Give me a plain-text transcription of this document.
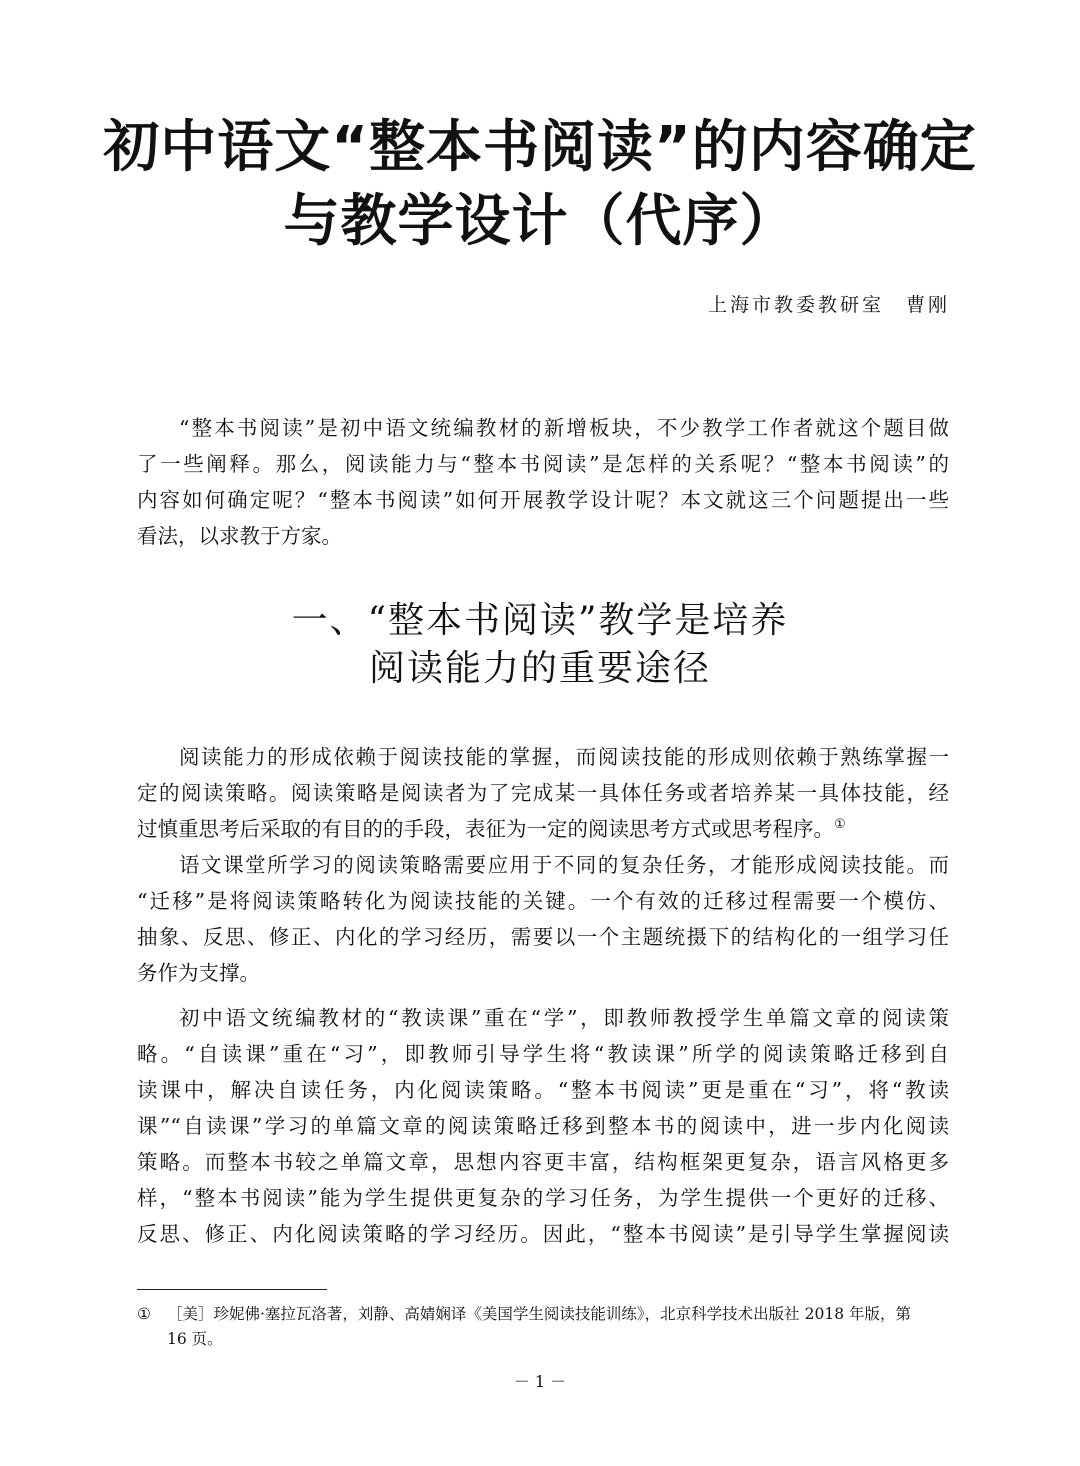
初中语文“整本书阅读”的内容确定
与教学设计（代序）
上海市教委教研室 曹刚
“整本书阅读”是初中语文统编教材的新增板块，不少教学工作者就这个题目做
了一些阐释。那么，阅读能力与“整本书阅读”是怎样的关系呢？“整本书阅读”的
内容如何确定呢？“整本书阅读”如何开展教学设计呢？本文就这三个问题提出一些
看法，以求教于方家。
一、“整本书阅读”教学是培养
阅读能力的重要途径
阅读能力的形成依赖于阅读技能的掌握，而阅读技能的形成则依赖于熟练掌握一
定的阅读策略。阅读策略是阅读者为了完成某一具体任务或者培养某一具体技能，经
过慎重思考后采取的有目的的手段，表征为一定的阅读思考方式或思考程序。①
语文课堂所学习的阅读策略需要应用于不同的复杂任务，才能形成阅读技能。而
“迁移”是将阅读策略转化为阅读技能的关键。一个有效的迁移过程需要一个模仿、
抽象、反思、修正、内化的学习经历，需要以一个主题统摄下的结构化的一组学习任
务作为支撑。
初中语文统编教材的“教读课”重在“学”，即教师教授学生单篇文章的阅读策
略。“自读课”重在“习”，即教师引导学生将“教读课”所学的阅读策略迁移到自
读课中，解决自读任务，内化阅读策略。“整本书阅读”更是重在“习”，将“教读
课”“自读课”学习的单篇文章的阅读策略迁移到整本书的阅读中，进一步内化阅读
策略。而整本书较之单篇文章，思想内容更丰富，结构框架更复杂，语言风格更多
样，“整本书阅读”能为学生提供更复杂的学习任务，为学生提供一个更好的迁移、
反思、修正、内化阅读策略的学习经历。因此，“整本书阅读”是引导学生掌握阅读
① ［美］珍妮佛·塞拉瓦洛著，刘静、高婧娴译《美国学生阅读技能训练》，北京科学技术出版社 2018 年版，第
16 页。
－ 1 －
